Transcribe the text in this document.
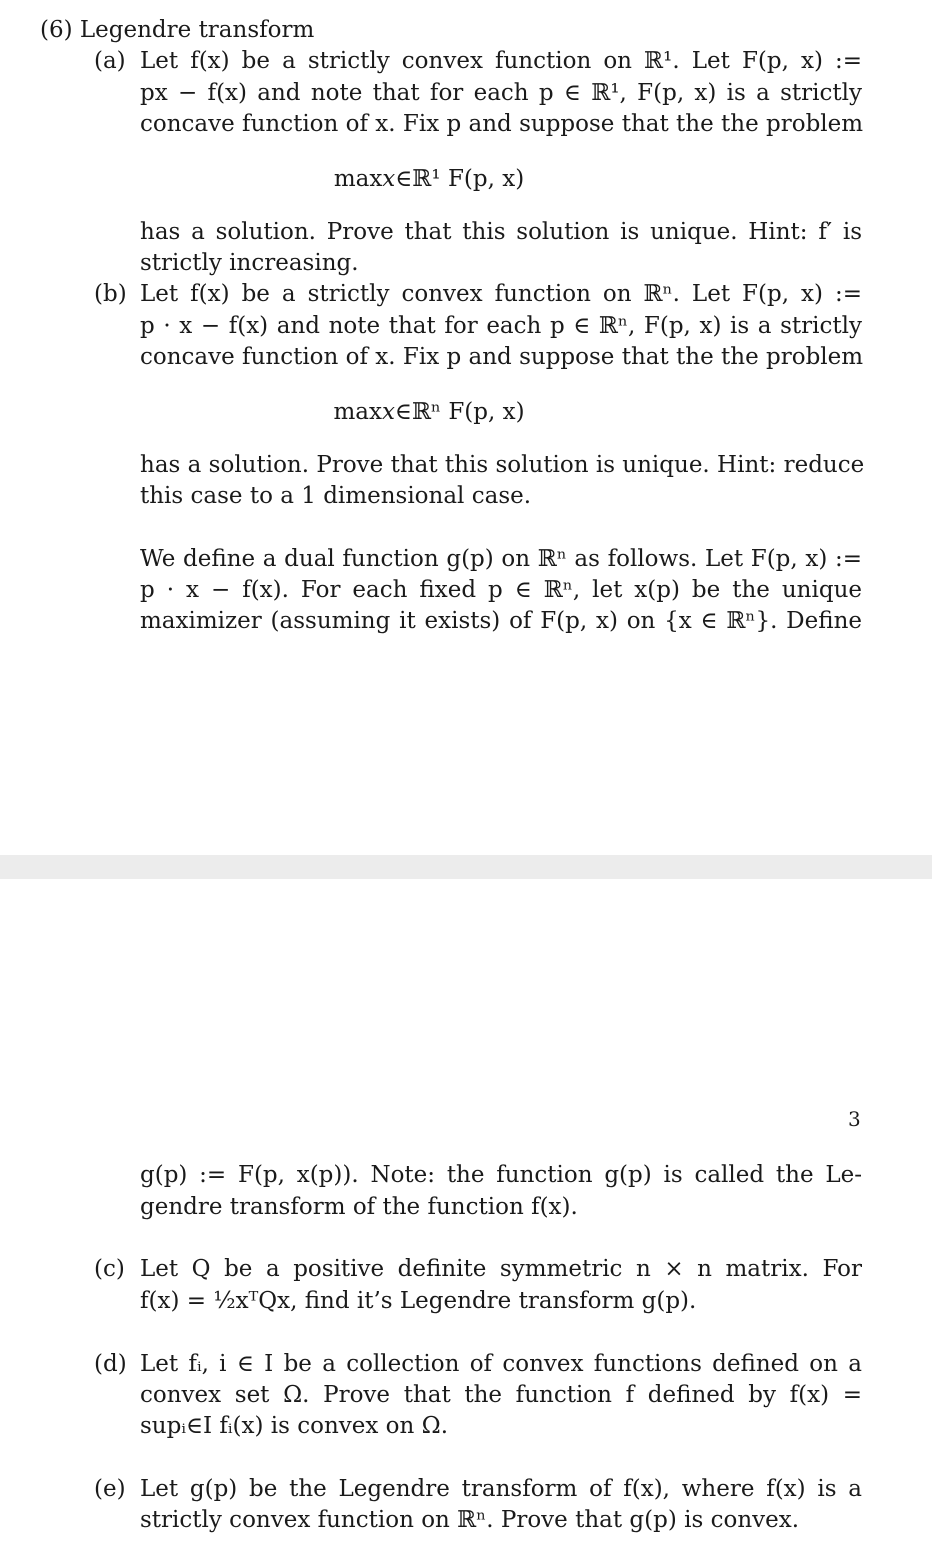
(6) Legendre transform
(a) Let f(x) be a strictly convex function on ℝ¹. Let F(p, x) :=
px − f(x) and note that for each p ∈ ℝ¹, F(p, x) is a strictly
concave function of x. Fix p and suppose that the the problem
max𝑥∈ℝ¹ F(p, x)
has a solution. Prove that this solution is unique. Hint: f′ is
strictly increasing.
(b) Let f(x) be a strictly convex function on ℝⁿ. Let F(p, x) :=
p · x − f(x) and note that for each p ∈ ℝⁿ, F(p, x) is a strictly
concave function of x. Fix p and suppose that the the problem
max𝑥∈ℝⁿ F(p, x)
has a solution. Prove that this solution is unique. Hint: reduce
this case to a 1 dimensional case.
We define a dual function g(p) on ℝⁿ as follows. Let F(p, x) :=
p · x − f(x). For each fixed p ∈ ℝⁿ, let x(p) be the unique
maximizer (assuming it exists) of F(p, x) on {x ∈ ℝⁿ}. Define
3
g(p) := F(p, x(p)). Note: the function g(p) is called the Le-
gendre transform of the function f(x).
(c) Let Q be a positive definite symmetric n × n matrix. For
f(x) = ½xᵀQx, find it’s Legendre transform g(p).
(d) Let fᵢ, i ∈ I be a collection of convex functions defined on a
convex set Ω. Prove that the function f defined by f(x) =
supᵢ∈I fᵢ(x) is convex on Ω.
(e) Let g(p) be the Legendre transform of f(x), where f(x) is a
strictly convex function on ℝⁿ. Prove that g(p) is convex.
